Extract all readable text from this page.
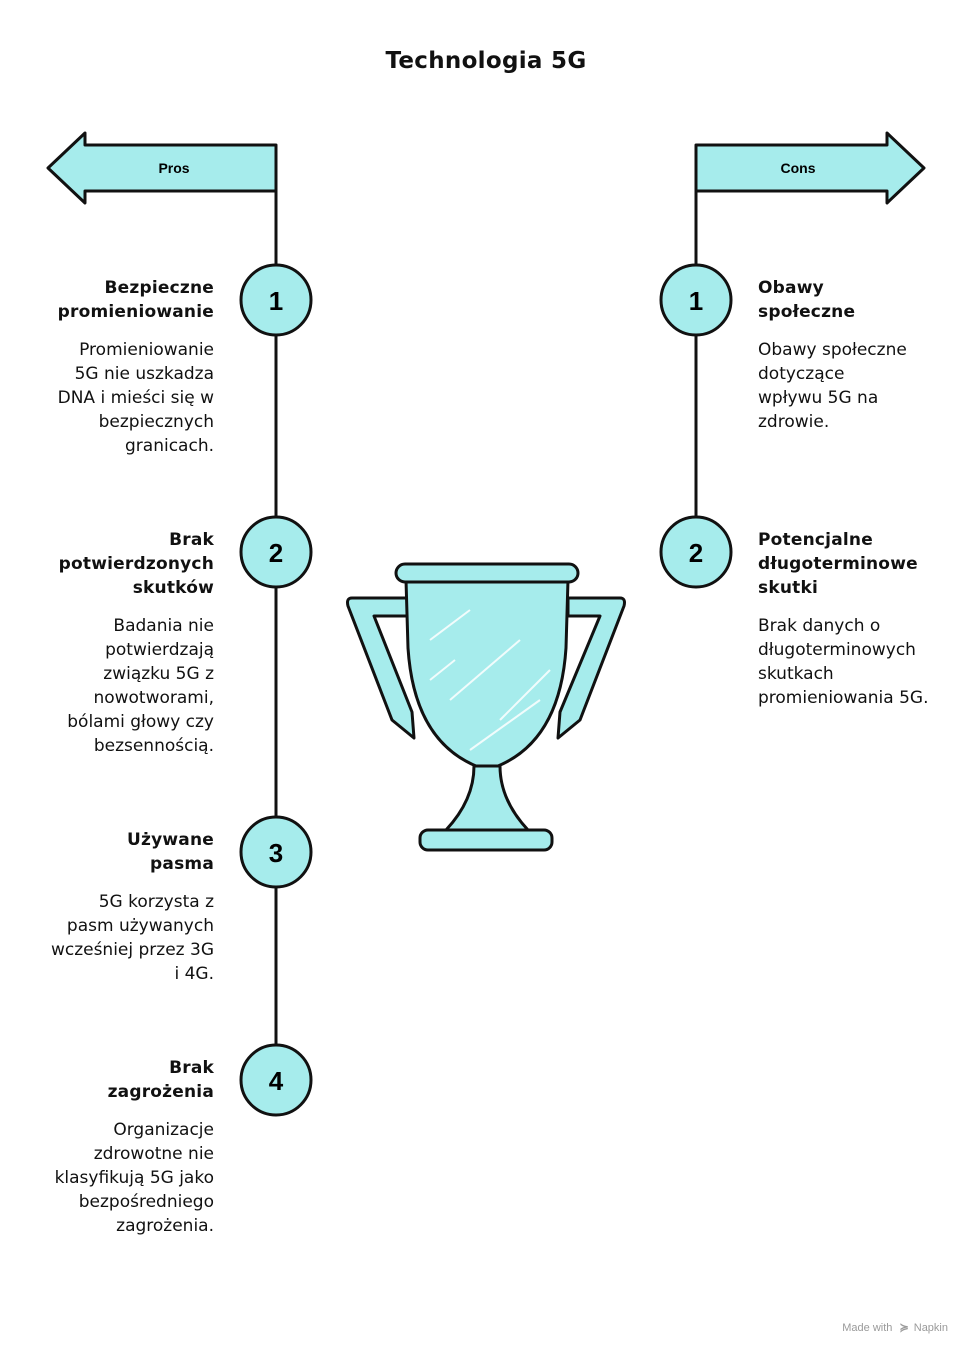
Technologia 5G
Pros	Cons
1
2
3
4
1
2
Bezpieczne promieniowanie
Promieniowanie 5G nie uszkadza DNA i mieści się w bezpiecznych granicach.
Brak potwierdzonych skutków
Badania nie potwierdzają związku 5G z nowotworami, bólami głowy czy bezsennością.
Używane pasma
5G korzysta z pasm używanych wcześniej przez 3G i 4G.
Brak zagrożenia
Organizacje zdrowotne nie klasyfikują 5G jako bezpośredniego zagrożenia.
Obawy społeczne
Obawy społeczne dotyczące wpływu 5G na zdrowie.
Potencjalne długoterminowe skutki
Brak danych o długoterminowych skutkach promieniowania 5G.
Made with ≽ Napkin
